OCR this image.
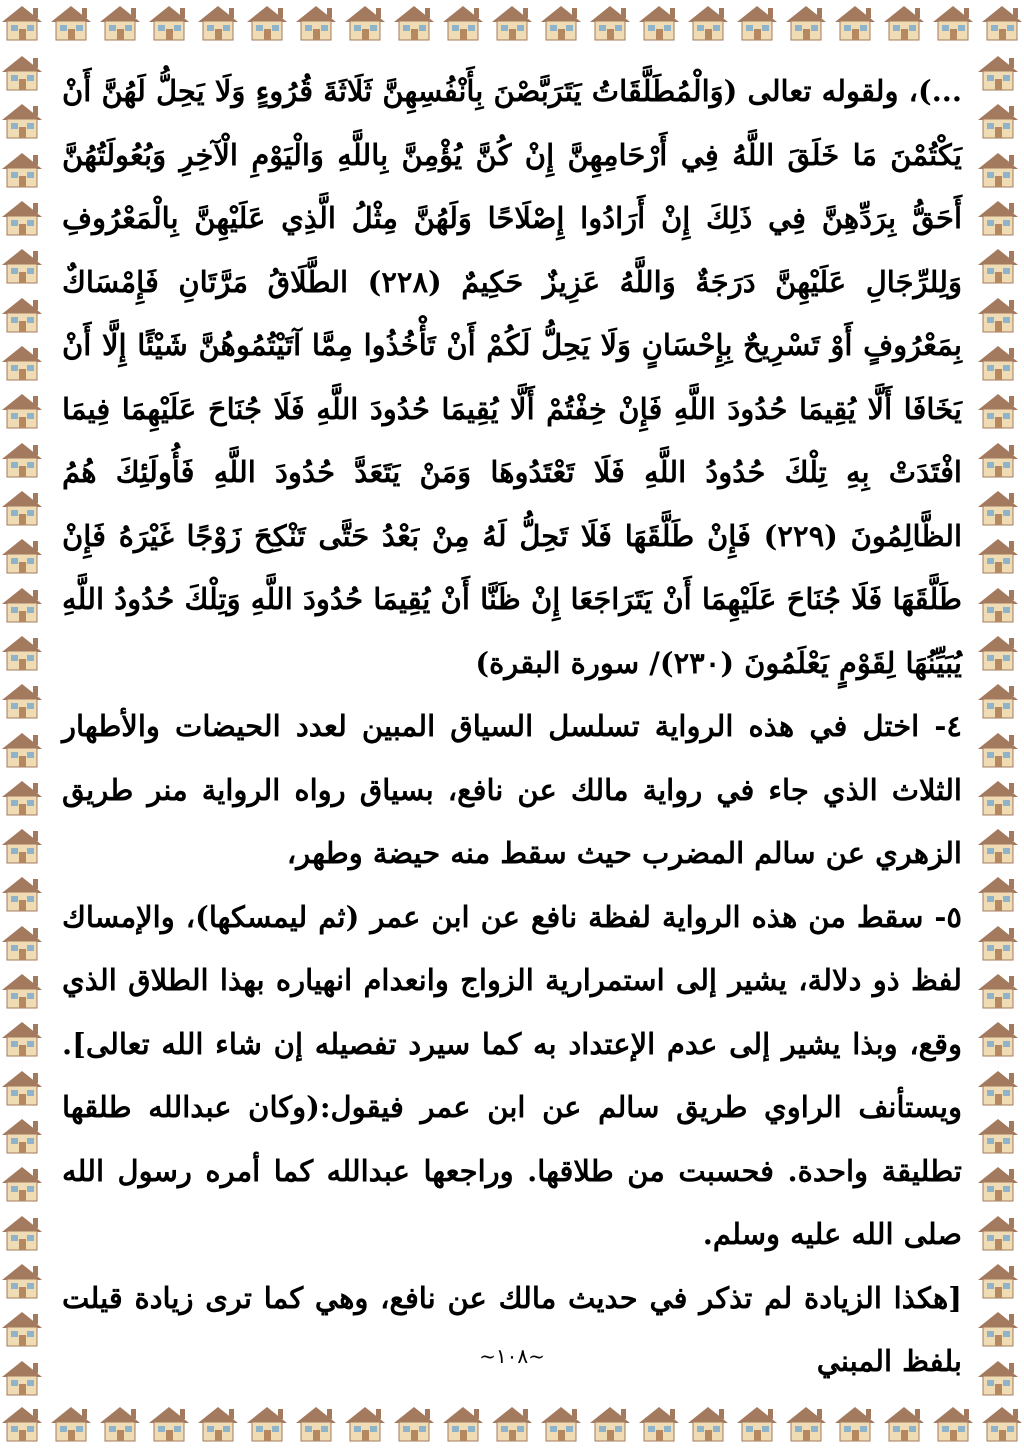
...)، ولقوله تعالى (وَالْمُطَلَّقَاتُ يَتَرَبَّصْنَ بِأَنْفُسِهِنَّ ثَلَاثَةَ قُرُوءٍ وَلَا يَحِلُّ لَهُنَّ أَنْ يَكْتُمْنَ مَا خَلَقَ اللَّهُ فِي أَرْحَامِهِنَّ إِنْ كُنَّ يُؤْمِنَّ بِاللَّهِ وَالْيَوْمِ الْآخِرِ وَبُعُولَتُهُنَّ أَحَقُّ بِرَدِّهِنَّ فِي ذَلِكَ إِنْ أَرَادُوا إِصْلَاحًا وَلَهُنَّ مِثْلُ الَّذِي عَلَيْهِنَّ بِالْمَعْرُوفِ وَلِلرِّجَالِ عَلَيْهِنَّ دَرَجَةٌ وَاللَّهُ عَزِيزٌ حَكِيمٌ (٢٢٨) الطَّلَاقُ مَرَّتَانِ فَإِمْسَاكٌ بِمَعْرُوفٍ أَوْ تَسْرِيحٌ بِإِحْسَانٍ وَلَا يَحِلُّ لَكُمْ أَنْ تَأْخُذُوا مِمَّا آتَيْتُمُوهُنَّ شَيْئًا إِلَّا أَنْ يَخَافَا أَلَّا يُقِيمَا حُدُودَ اللَّهِ فَإِنْ خِفْتُمْ أَلَّا يُقِيمَا حُدُودَ اللَّهِ فَلَا جُنَاحَ عَلَيْهِمَا فِيمَا افْتَدَتْ بِهِ تِلْكَ حُدُودُ اللَّهِ فَلَا تَعْتَدُوهَا وَمَنْ يَتَعَدَّ حُدُودَ اللَّهِ فَأُولَئِكَ هُمُ الظَّالِمُونَ (٢٢٩) فَإِنْ طَلَّقَهَا فَلَا تَحِلُّ لَهُ مِنْ بَعْدُ حَتَّى تَنْكِحَ زَوْجًا غَيْرَهُ فَإِنْ طَلَّقَهَا فَلَا جُنَاحَ عَلَيْهِمَا أَنْ يَتَرَاجَعَا إِنْ ظَنَّا أَنْ يُقِيمَا حُدُودَ اللَّهِ وَتِلْكَ حُدُودُ اللَّهِ يُبَيِّنُهَا لِقَوْمٍ يَعْلَمُونَ (٢٣٠)/ سورة البقرة)

٤- اختل في هذه الرواية تسلسل السياق المبين لعدد الحيضات والأطهار الثلاث الذي جاء في رواية مالك عن نافع، بسياق رواه الرواية منر طريق الزهري عن سالم المضرب حيث سقط منه حيضة وطهر،

٥- سقط من هذه الرواية لفظة نافع عن ابن عمر (ثم ليمسكها)، والإمساك لفظ ذو دلالة، يشير إلى استمرارية الزواج وانعدام انهياره بهذا الطلاق الذي وقع، وبذا يشير إلى عدم الإعتداد به كما سيرد تفصيله إن شاء الله تعالى]. ويستأنف الراوي طريق سالم عن ابن عمر فيقول:(وكان عبدالله طلقها تطليقة واحدة. فحسبت من طلاقها. وراجعها عبدالله كما أمره رسول الله صلى الله عليه وسلم.

[هكذا الزيادة لم تذكر في حديث مالك عن نافع، وهي كما ترى زيادة قيلت بلفظ المبني

~١٠٨~
